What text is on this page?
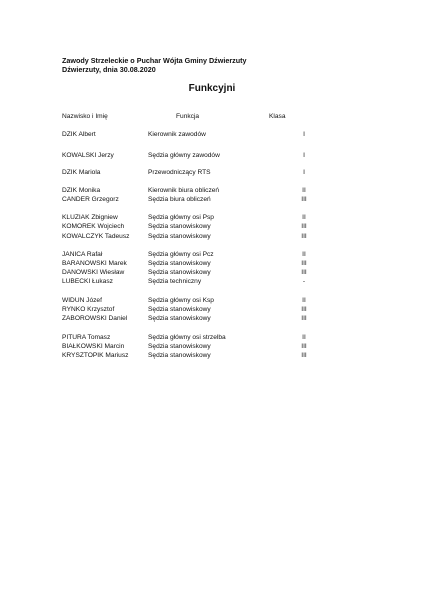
Zawody Strzeleckie o Puchar Wójta Gminy Dźwierzuty
Dźwierzuty, dnia 30.08.2020
Funkcyjni
Nazwisko i Imię	Funkcja	Klasa
DZIK Albert	Kierownik zawodów	I
KOWALSKI Jerzy	Sędzia główny zawodów	I
DZIK Mariola	Przewodniczący RTS	I
DZIK Monika	Kierownik biura obliczeń	II
CANDER Grzegorz	Sędzia biura obliczeń	III
KLUZIAK Zbigniew	Sędzia główny osi Psp	II
KOMOREK Wojciech	Sędzia stanowiskowy	III
KOWALCZYK Tadeusz	Sędzia stanowiskowy	III
JANICA Rafał	Sędzia główny osi Pcz	II
BARANOWSKI Marek	Sędzia stanowiskowy	III
DANOWSKI Wiesław	Sędzia stanowiskowy	III
LUBECKI Łukasz	Sędzia techniczny	-
WIDUN Józef	Sędzia główny osi Ksp	II
RYNKO Krzysztof	Sędzia stanowiskowy	III
ZABOROWSKI Daniel	Sędzia stanowiskowy	III
PITURA Tomasz	Sędzia główny osi strzelba	II
BIAŁKOWSKI Marcin	Sędzia stanowiskowy	III
KRYSZTOPIK Mariusz	Sędzia stanowiskowy	III
